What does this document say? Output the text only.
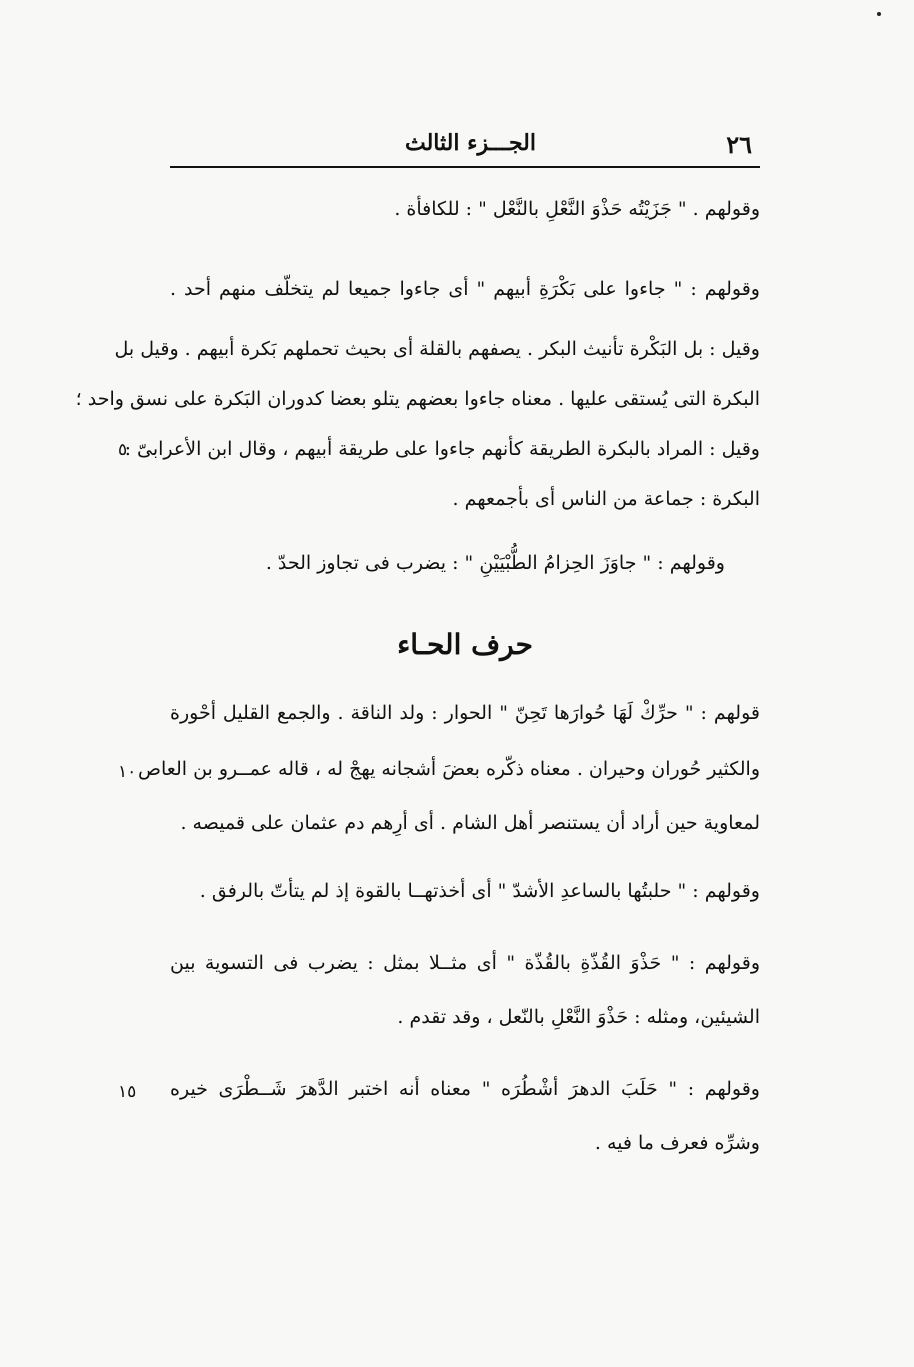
٢٦
الجـــزء الثالث
وقولهم . " جَزَيْتُه حَذْوَ النَّعْلِ بالنَّعْل " : للكافأة .
وقولهم : " جاءوا على بَكْرَةِ أبيهم " أى جاءوا جميعا لم يتخلّف منهم أحد .
وقيل : بل البَكْرة تأنيث البكر . يصفهم بالقلة أى بحيث تحملهم بَكرة أبيهم . وقيل بل
البكرة التى يُستقى عليها . معناه جاءوا بعضهم يتلو بعضا كدوران البَكرة على نسق واحد ؛
وقيل : المراد بالبكرة الطريقة كأنهم جاءوا على طريقة أبيهم ، وقال ابن الأعرابىّ :
البكرة : جماعة من الناس أى بأجمعهم .
وقولهم : " جاوَزَ الحِزامُ الطُّبْيَيْنِ " : يضرب فى تجاوز الحدّ .
قولهم : " حرِّكْ لَهَا حُوارَها تَحِنّ " الحوار : ولد الناقة . والجمع القليل أحْورة
والكثير حُوران وحيران . معناه ذكّره بعضَ أشجانه يهجْ له ، قاله عمــرو بن العاص
لمعاوية حين أراد أن يستنصر أهل الشام . أى أرِهم دم عثمان على قميصه .
وقولهم : " حلبتُها بالساعدِ الأشدّ " أى أخذتهــا بالقوة إذ لم يتأتّ بالرفق .
وقولهم : " حَذْوَ القُذّةِ بالقُذّة " أى مثــلا بمثل : يضرب فى التسوية بين
الشيئين، ومثله : حَذْوَ النَّعْلِ بالنّعل ، وقد تقدم .
وقولهم : " حَلَبَ الدهرَ أشْطُرَه " معناه أنه اختبر الدَّهرَ شَــطْرَى خيره
وشرِّه فعرف ما فيه .
حرف الحـاء
٥
١٠
١٥
